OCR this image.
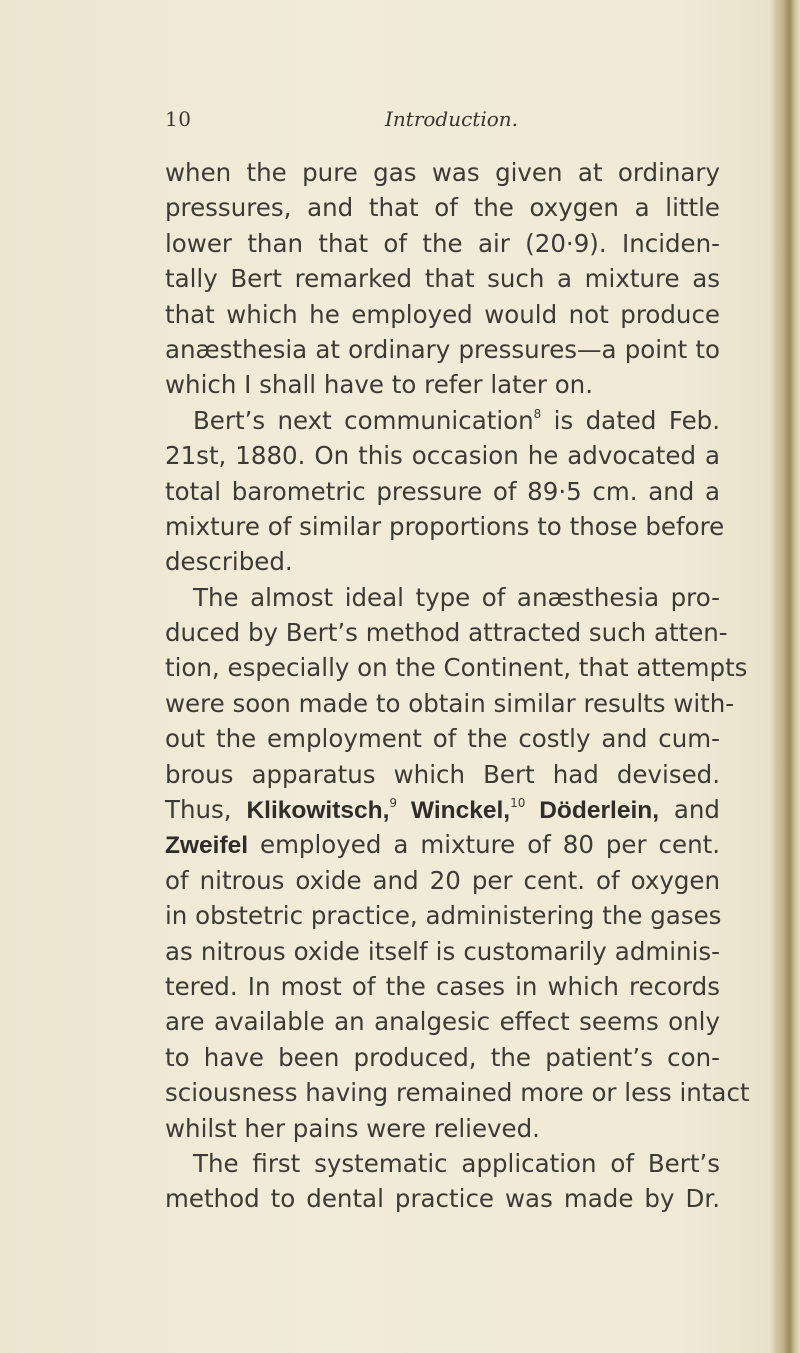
10	Introduction.
when the pure gas was given at ordinary
pressures, and that of the oxygen a little
lower than that of the air (20·9). Inciden-
tally Bert remarked that such a mixture as
that which he employed would not produce
anæsthesia at ordinary pressures—a point to
which I shall have to refer later on.
Bert’s next communication$^8$ is dated Feb.
21st, 1880. On this occasion he advocated a
total barometric pressure of 89·5 cm. and a
mixture of similar proportions to those before
described.
The almost ideal type of anæsthesia pro-
duced by Bert’s method attracted such atten-
tion, especially on the Continent, that attempts
were soon made to obtain similar results with-
out the employment of the costly and cum-
brous apparatus which Bert had devised.
Thus, Klikowitsch,$^9$ Winckel,$^{10}$ Döderlein, and
Zweifel employed a mixture of 80 per cent.
of nitrous oxide and 20 per cent. of oxygen
in obstetric practice, administering the gases
as nitrous oxide itself is customarily adminis-
tered. In most of the cases in which records
are available an analgesic effect seems only
to have been produced, the patient’s con-
sciousness having remained more or less intact
whilst her pains were relieved.
The first systematic application of Bert’s
method to dental practice was made by Dr.
